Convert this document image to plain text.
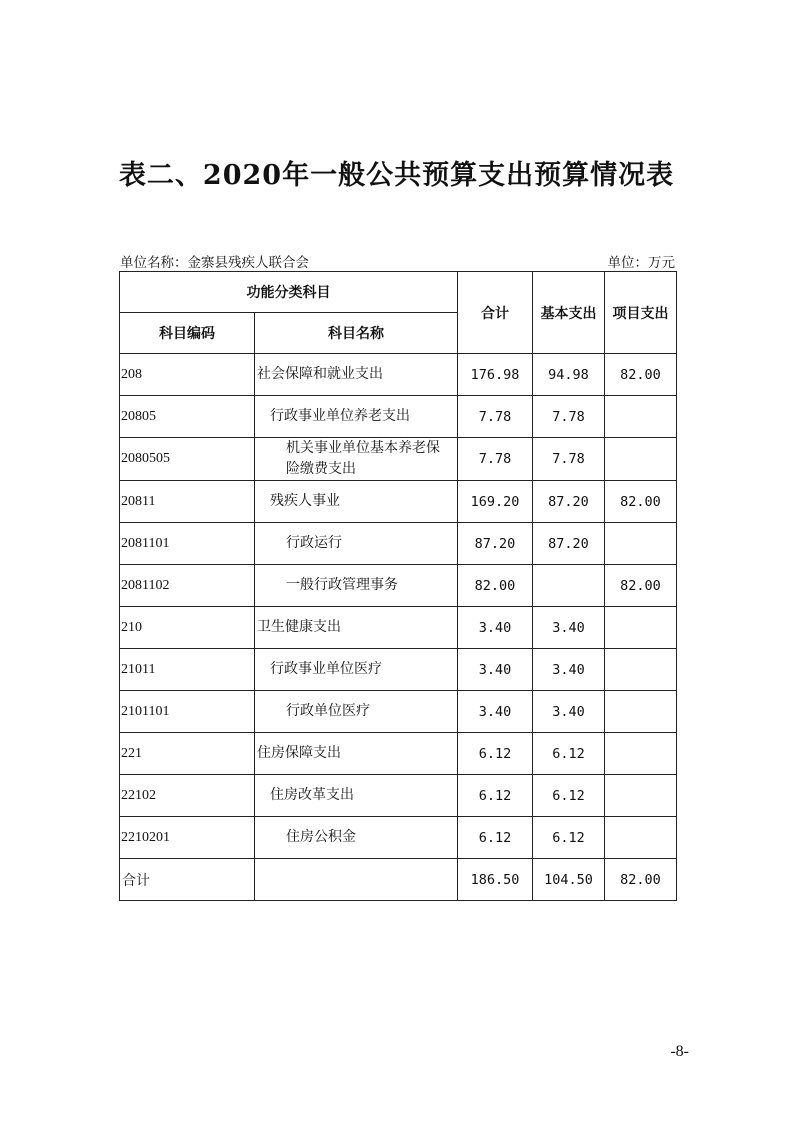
表二、2020年一般公共预算支出预算情况表
单位名称：金寨县残疾人联合会	单位：万元
功能分类科目		合计	基本支出	项目支出
科目编码	科目名称			
208	社会保障和就业支出	176.98	94.98	82.00
20805	行政事业单位养老支出	7.78	7.78	
2080505	机关事业单位基本养老保险缴费支出	7.78	7.78	
20811	残疾人事业	169.20	87.20	82.00
2081101	行政运行	87.20	87.20	
2081102	一般行政管理事务	82.00		82.00
210	卫生健康支出	3.40	3.40	
21011	行政事业单位医疗	3.40	3.40	
2101101	行政单位医疗	3.40	3.40	
221	住房保障支出	6.12	6.12	
22102	住房改革支出	6.12	6.12	
2210201	住房公积金	6.12	6.12	
合计		186.50	104.50	82.00
-8-
